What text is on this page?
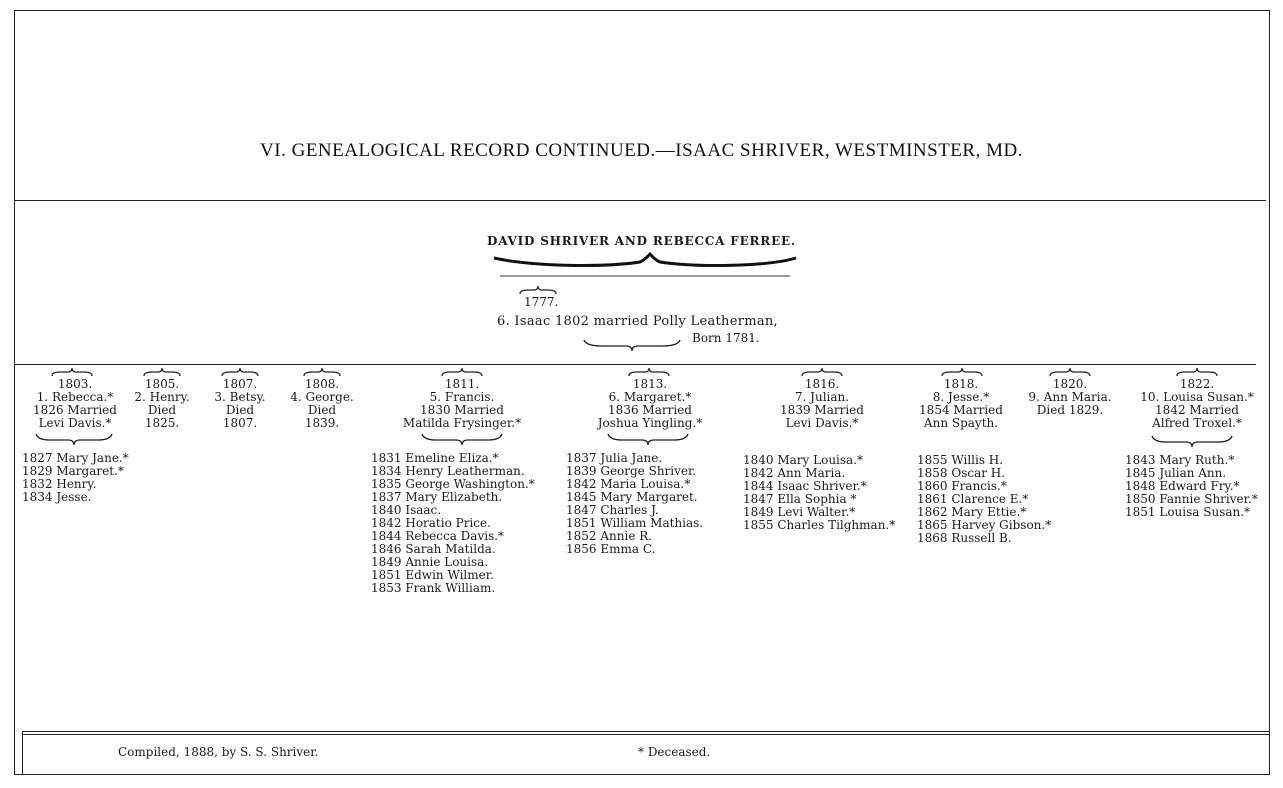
VI. GENEALOGICAL RECORD CONTINUED.—ISAAC SHRIVER, WESTMINSTER, MD.
DAVID SHRIVER AND REBECCA FERREE.
1777.
6. Isaac 1802 married Polly Leatherman,
Born 1781.
1803.
1. Rebecca.*
1826 Married
Levi Davis.*
1827 Mary Jane.*
1829 Margaret.*
1832 Henry.
1834 Jesse.
1805.
2. Henry.
Died
1825.
1807.
3. Betsy.
Died
1807.
1808.
4. George.
Died
1839.
1811.
5. Francis.
1830 Married
Matilda Frysinger.*
1831 Emeline Eliza.*
1834 Henry Leatherman.
1835 George Washington.*
1837 Mary Elizabeth.
1840 Isaac.
1842 Horatio Price.
1844 Rebecca Davis.*
1846 Sarah Matilda.
1849 Annie Louisa.
1851 Edwin Wilmer.
1853 Frank William.
1813.
6. Margaret.*
1836 Married
Joshua Yingling.*
1837 Julia Jane.
1839 George Shriver.
1842 Maria Louisa.*
1845 Mary Margaret.
1847 Charles J.
1851 William Mathias.
1852 Annie R.
1856 Emma C.
1816.
7. Julian.
1839 Married
Levi Davis.*
1840 Mary Louisa.*
1842 Ann Maria.
1844 Isaac Shriver.*
1847 Ella Sophia *
1849 Levi Walter.*
1855 Charles Tilghman.*
1818.
8. Jesse.*
1854 Married
Ann Spayth.
1855 Willis H.
1858 Oscar H.
1860 Francis.*
1861 Clarence E.*
1862 Mary Ettie.*
1865 Harvey Gibson.*
1868 Russell B.
1820.
9. Ann Maria.
Died 1829.
1822.
10. Louisa Susan.*
1842 Married
Alfred Troxel.*
1843 Mary Ruth.*
1845 Julian Ann.
1848 Edward Fry.*
1850 Fannie Shriver.*
1851 Louisa Susan.*
Compiled, 1888, by S. S. Shriver.	* Deceased.
